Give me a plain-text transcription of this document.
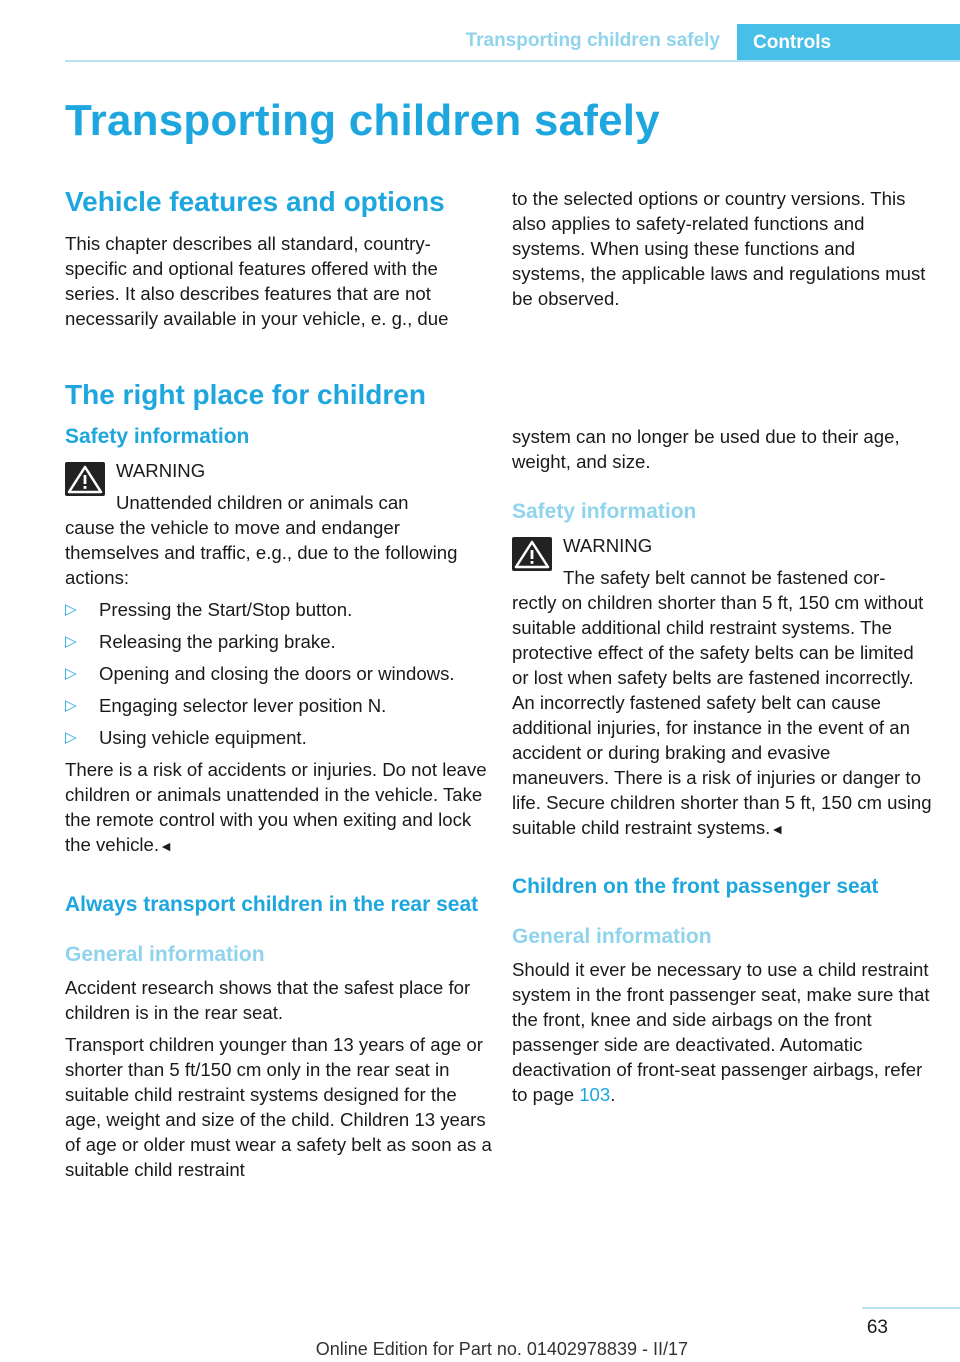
Transporting children safely	Controls
Transporting children safely
Vehicle features and options

This chapter describes all standard, country-specific and optional features offered with the series. It also describes features that are not necessarily available in your vehicle, e. g., due

The right place for children
Safety information
WARNING

Unattended children or animals can

cause the vehicle to move and endanger themselves and traffic, e.g., due to the following actions:

▷ Pressing the Start/Stop button.
▷ Releasing the parking brake.
▷ Opening and closing the doors or windows.
▷ Engaging selector lever position N.
▷ Using vehicle equipment.

There is a risk of accidents or injuries. Do not leave children or animals unattended in the vehicle. Take the remote control with you when exiting and lock the vehicle.◄

Always transport children in the rear seat
General information

Accident research shows that the safest place for children is in the rear seat.

Transport children younger than 13 years of age or shorter than 5 ft/150 cm only in the rear seat in suitable child restraint systems designed for the age, weight and size of the child. Children 13 years of age or older must wear a safety belt as soon as a suitable child restraint

to the selected options or country versions. This also applies to safety-related functions and systems. When using these functions and systems, the applicable laws and regulations must be observed.

system can no longer be used due to their age, weight, and size.

Safety information
WARNING

The safety belt cannot be fastened cor-

rectly on children shorter than 5 ft, 150 cm without suitable additional child restraint systems. The protective effect of the safety belts can be limited or lost when safety belts are fastened incorrectly. An incorrectly fastened safety belt can cause additional injuries, for instance in the event of an accident or during braking and evasive maneuvers. There is a risk of injuries or danger to life. Secure children shorter than 5 ft, 150 cm using suitable child restraint systems.◄

Children on the front passenger seat
General information

Should it ever be necessary to use a child restraint system in the front passenger seat, make sure that the front, knee and side airbags on the front passenger side are deactivated. Automatic deactivation of front-seat passenger airbags, refer to page 103.

63
Online Edition for Part no. 01402978839 - II/17
